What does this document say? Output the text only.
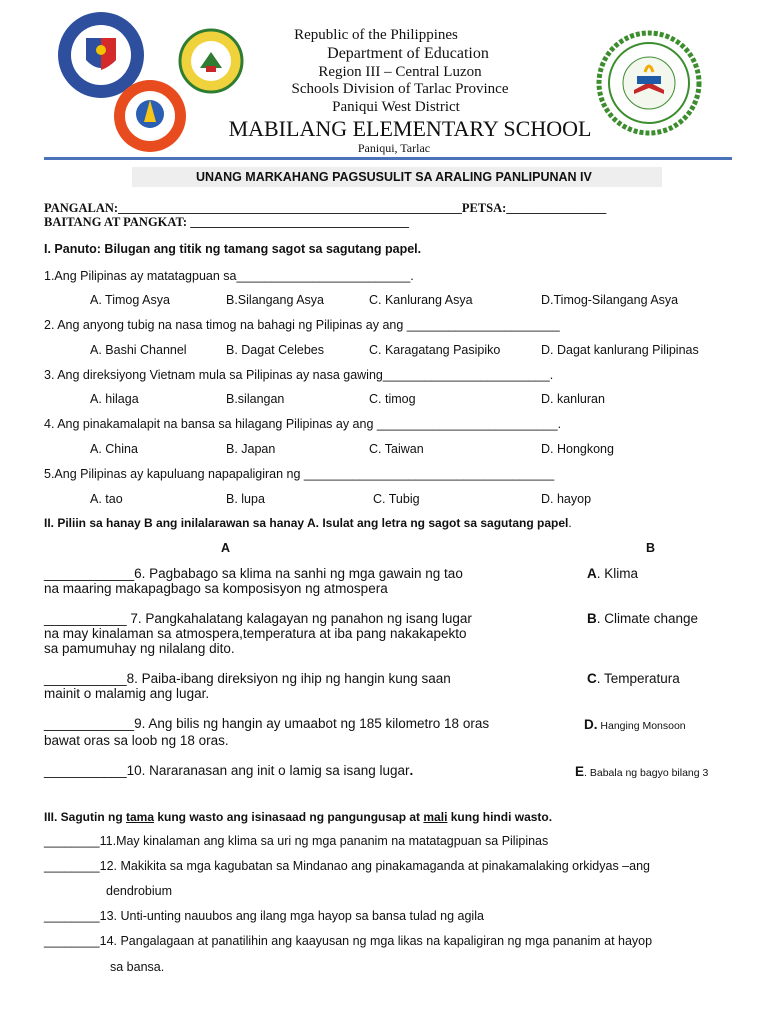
Republic of the Philippines
Department of Education
Region III – Central Luzon
Schools Division of Tarlac Province
Paniqui West District
MABILANG ELEMENTARY SCHOOL
Paniqui, Tarlac
UNANG MARKAHANG PAGSUSULIT SA ARALING PANLIPUNAN IV
PANGALAN:_______________________________________________________PETSA:________________
BAITANG AT PANGKAT: ___________________________________
I. Panuto: Bilugan ang titik ng tamang sagot sa sagutang papel.
1.Ang Pilipinas ay matatagpuan sa_________________________.
A. Timog Asya	B.Silangang Asya	C. Kanlurang Asya	D.Timog-Silangang Asya
2. Ang anyong tubig na nasa timog na bahagi ng Pilipinas ay ang ______________________
A. Bashi Channel	B. Dagat Celebes	C. Karagatang Pasipiko	D. Dagat kanlurang Pilipinas
3. Ang direksiyong Vietnam mula sa Pilipinas ay nasa gawing________________________.
A. hilaga	B.silangan	C. timog	D. kanluran
4. Ang pinakamalapit na bansa sa hilagang Pilipinas ay ang __________________________.
A. China	B. Japan	C. Taiwan	D. Hongkong
5.Ang Pilipinas ay kapuluang napapaligiran ng ____________________________________
A. tao	B. lupa	C. Tubig	D. hayop
II. Piliin sa hanay B ang inilalarawan sa hanay A. Isulat ang letra ng sagot sa sagutang papel.
A	B
____________6. Pagbabago sa klima na sanhi ng mga gawain ng tao
na maaring makapagbago sa komposisyon ng atmospera
A. Klima
___________ 7. Pangkahalatang kalagayan ng panahon ng isang lugar
na may kinalaman sa atmospera,temperatura at iba pang nakakapekto
sa pamumuhay ng nilalang dito.
B. Climate change
___________8. Paiba-ibang direksiyon ng ihip ng hangin kung saan
mainit o malamig ang lugar.
C. Temperatura
____________9. Ang bilis ng hangin ay umaabot ng 185 kilometro 18 oras
bawat oras sa loob ng 18 oras.
D. Hanging Monsoon
___________10. Nararanasan ang init o lamig sa isang lugar.	E. Babala ng bagyo bilang 3
III. Sagutin ng tama kung wasto ang isinasaad ng pangungusap at mali kung hindi wasto.
________11.May kinalaman ang klima sa uri ng mga pananim na matatagpuan sa Pilipinas
________12. Makikita sa mga kagubatan sa Mindanao ang pinakamaganda at pinakamalaking orkidyas –ang
dendrobium
________13. Unti-unting nauubos ang ilang mga hayop sa bansa tulad ng agila
________14. Pangalagaan at panatilihin ang kaayusan ng mga likas na kapaligiran ng mga pananim at hayop
sa bansa.
